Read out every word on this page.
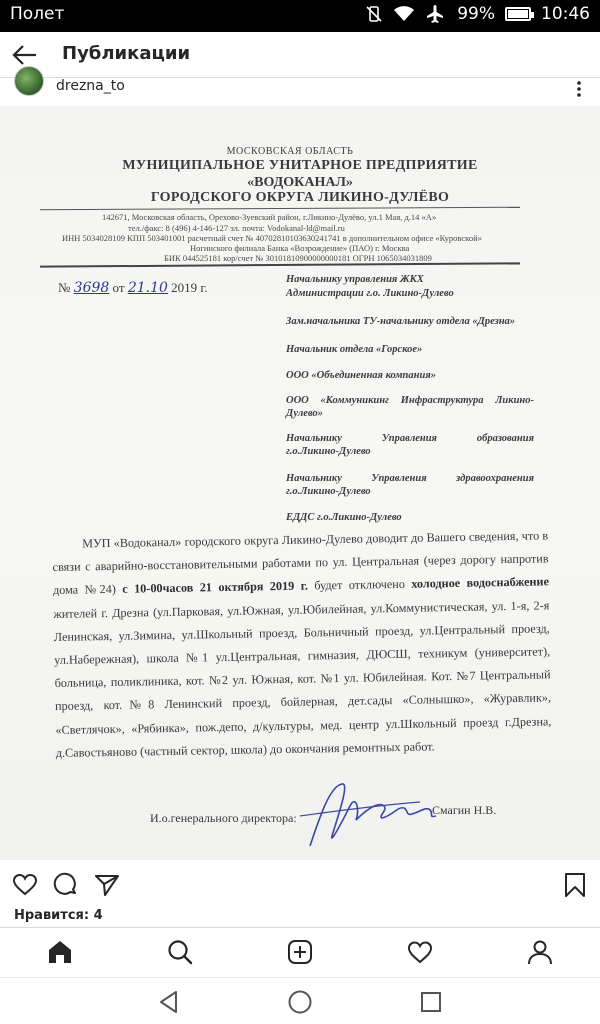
Полет	99%	10:46
Публикации
drezna_to
МОСКОВСКАЯ ОБЛАСТЬ
МУНИЦИПАЛЬНОЕ УНИТАРНОЕ ПРЕДПРИЯТИЕ
«ВОДОКАНАЛ»
ГОРОДСКОГО ОКРУГА ЛИКИНО-ДУЛЁВО
142671, Московская область, Орехово-Зуевский район, г.Ликино-Дулёво, ул.1 Мая, д.14 «А»
тел./факс: 8 (496) 4-146-127 эл. почта: Vodokanal-ld@mail.ru
ИНН 5034028109 КПП 503401001 расчетный счет № 40702810103630241741 в дополнительном офисе «Куровской»
Ногинского филиала Банка «Возрождение» (ПАО) г. Москва
БИК 044525181 кор/счет № 30101810900000000181 ОГРН 1065034031809
№ 3698 от 21.10 2019 г.
Начальнику управления ЖКХ
Администрации г.о. Ликино-Дулево
Зам.начальника ТУ-начальнику отдела «Дрезна»
Начальник отдела «Горское»
ООО «Объединенная компания»
ООО «Коммуникинг Инфраструктура Ликино-
Дулево»
Начальнику Управления образования
г.о.Ликино-Дулево
Начальнику Управления здравоохранения
г.о.Ликино-Дулево
ЕДДС г.о.Ликино-Дулево
МУП «Водоканал» городского округа Ликино-Дулево доводит до Вашего сведения, что в связи с аварийно-восстановительными работами по ул. Центральная (через дорогу напротив дома №24) с 10-00часов 21 октября 2019 г. будет отключено холодное водоснабжение жителей г. Дрезна (ул.Парковая, ул.Южная, ул.Юбилейная, ул.Коммунистическая, ул. 1-я, 2-я Ленинская, ул.Зимина, ул.Школьный проезд, Больничный проезд, ул.Центральный проезд, ул.Набережная), школа №1 ул.Центральная, гимназия, ДЮСШ, техникум (университет), больница, поликлиника, кот. №2 ул. Южная, кот. №1 ул. Юбилейная. Кот. №7 Центральный проезд, кот.№8 Ленинский проезд, бойлерная, дет.сады «Солнышко», «Журавлик», «Светлячок», «Рябинка», пож.депо, д/культуры, мед. центр ул.Школьный проезд г.Дрезна, д.Савостьяново (частный сектор, школа) до окончания ремонтных работ.
И.о.генерального директора:
Смагин Н.В.
Нравится: 4
